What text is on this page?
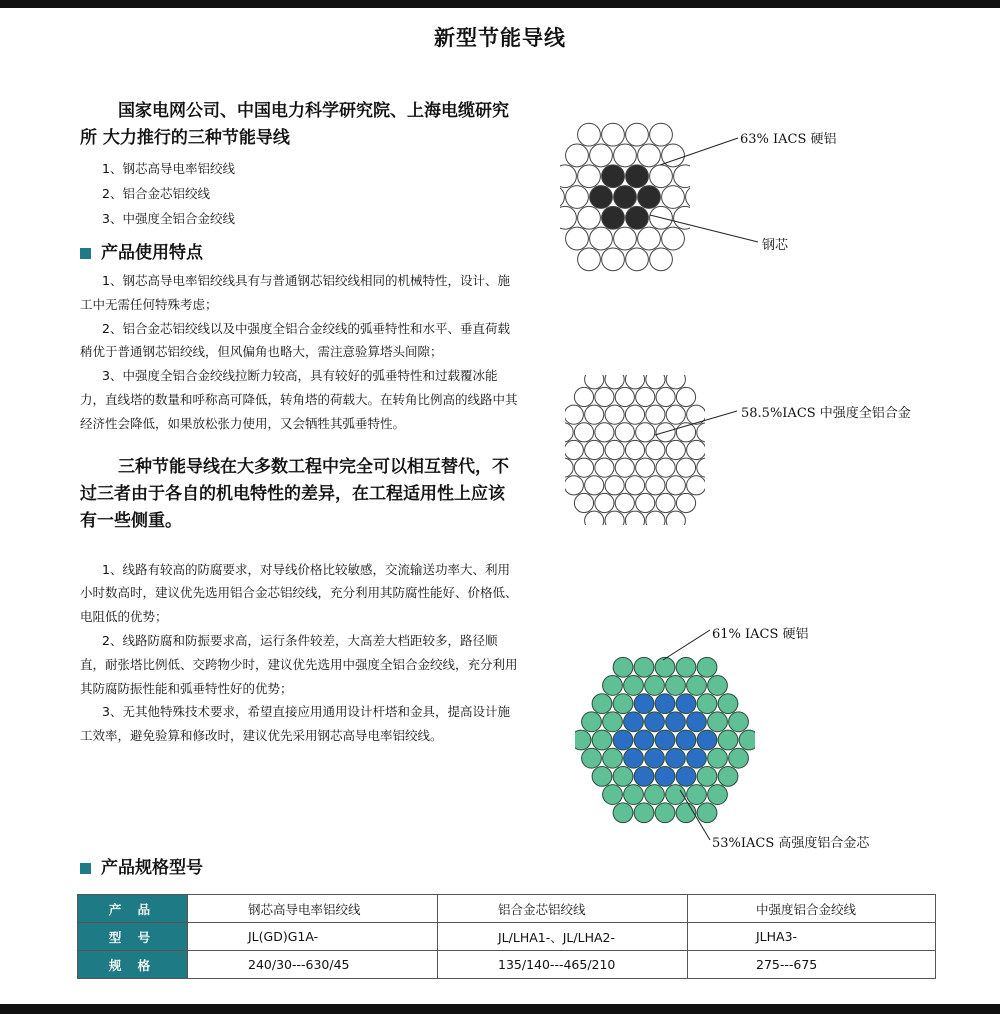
新型节能导线
国家电网公司、中国电力科学研究院、上海电缆研究所 大力推行的三种节能导线
1、钢芯高导电率铝绞线
2、铝合金芯铝绞线
3、中强度全铝合金绞线
产品使用特点

1、钢芯高导电率铝绞线具有与普通钢芯铝绞线相同的机械特性，设计、施工中无需任何特殊考虑；

2、铝合金芯铝绞线以及中强度全铝合金绞线的弧垂特性和水平、垂直荷载稍优于普通钢芯铝绞线，但风偏角也略大，需注意验算塔头间隙；

3、中强度全铝合金绞线拉断力较高，具有较好的弧垂特性和过载覆冰能力，直线塔的数量和呼称高可降低，转角塔的荷载大。在转角比例高的线路中其经济性会降低，如果放松张力使用，又会牺牲其弧垂特性。

三种节能导线在大多数工程中完全可以相互替代，不过三者由于各自的机电特性的差异，在工程适用性上应该有一些侧重。

1、线路有较高的防腐要求，对导线价格比较敏感，交流输送功率大、利用小时数高时，建议优先选用铝合金芯铝绞线，充分利用其防腐性能好、价格低、电阻低的优势；

2、线路防腐和防振要求高，运行条件较差，大高差大档距较多，路径顺直，耐张塔比例低、交跨物少时，建议优先选用中强度全铝合金绞线，充分利用其防腐防振性能和弧垂特性好的优势；

3、无其他特殊技术要求，希望直接应用通用设计杆塔和金具，提高设计施工效率，避免验算和修改时，建议优先采用钢芯高导电率铝绞线。

63% IACS 硬铝
钢芯
58.5%IACS 中强度全铝合金
61% IACS 硬铝
53%IACS 高强度铝合金芯
产品规格型号
产 品	钢芯高导电率铝绞线	铝合金芯铝绞线	中强度铝合金绞线
型 号	JL(GD)G1A-	JL/LHA1-、JL/LHA2-	JLHA3-
规 格	240/30---630/45	135/140---465/210	275---675
